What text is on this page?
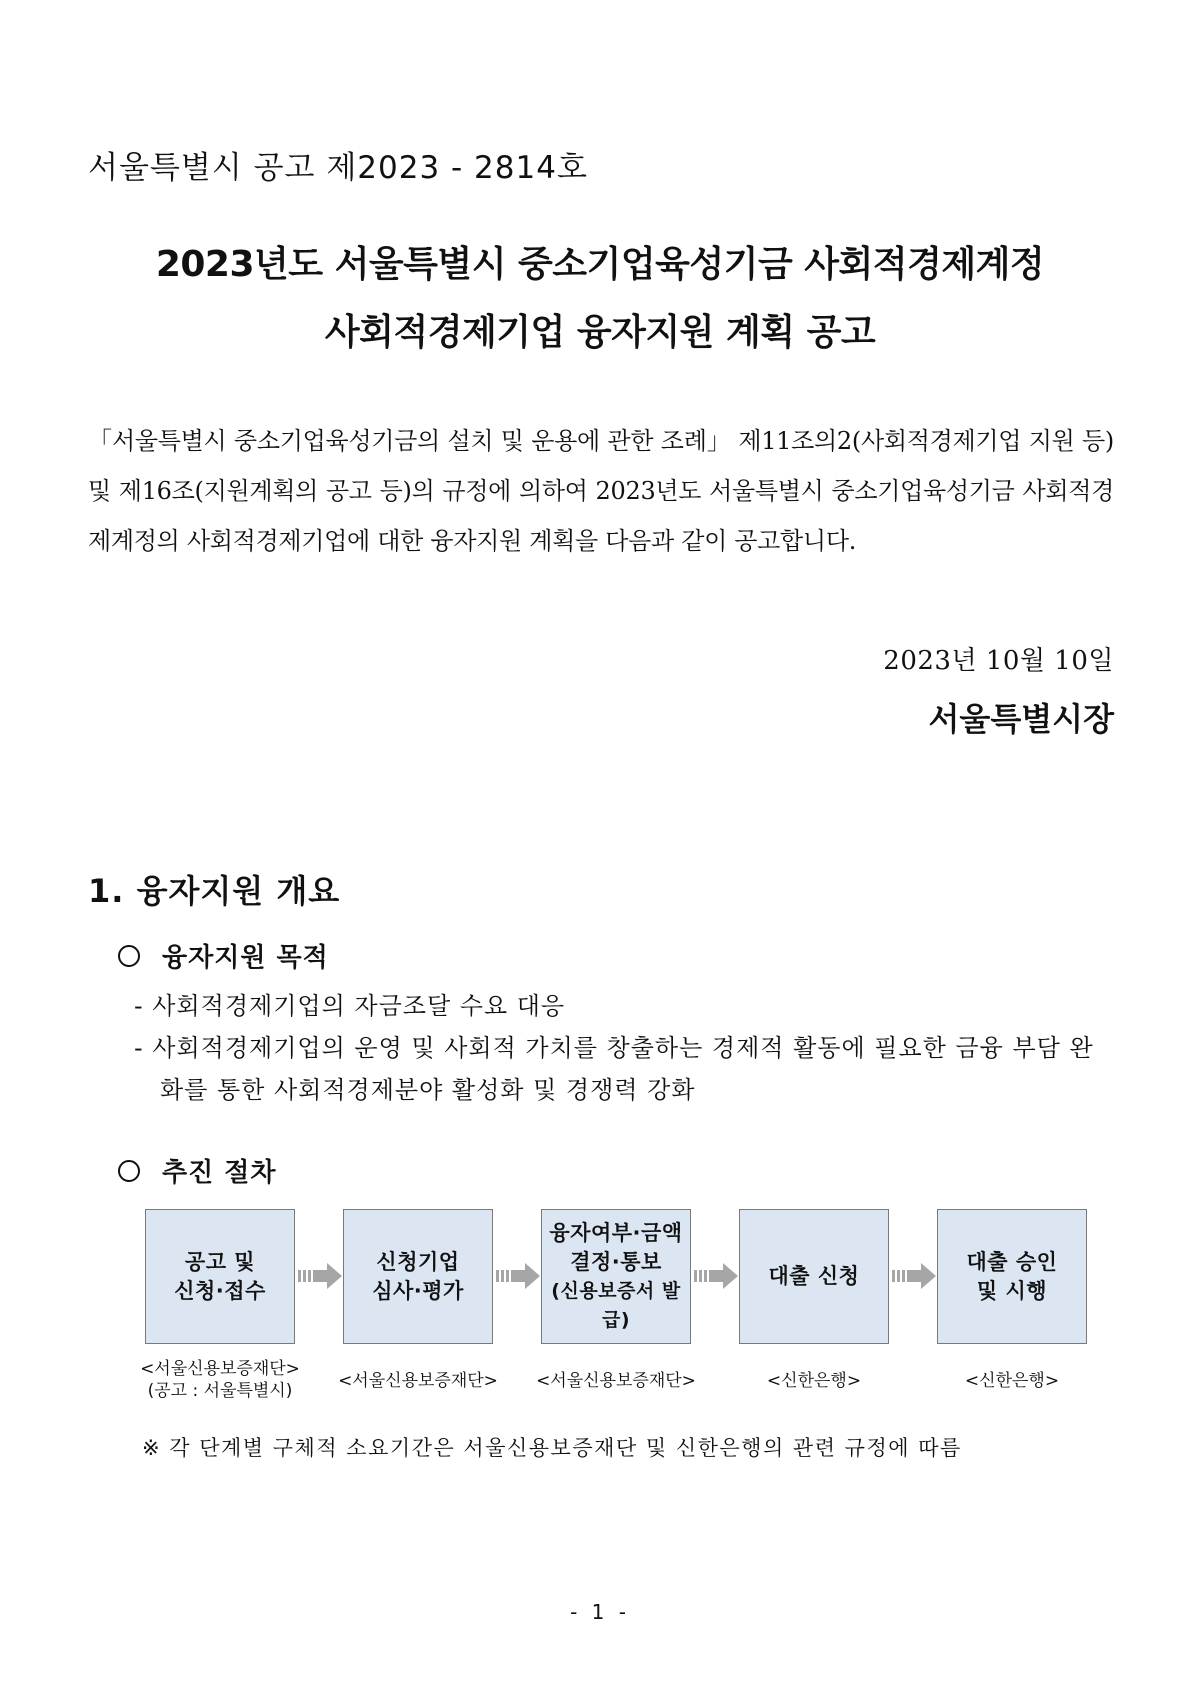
서울특별시 공고 제2023 - 2814호
2023년도 서울특별시 중소기업육성기금 사회적경제계정
사회적경제기업 융자지원 계획 공고
「서울특별시 중소기업육성기금의 설치 및 운용에 관한 조례」 제11조의2(사회적경제기업 지원 등) 및 제16조(지원계획의 공고 등)의 규정에 의하여 2023년도 서울특별시 중소기업육성기금 사회적경제계정의 사회적경제기업에 대한 융자지원 계획을 다음과 같이 공고합니다.
2023년 10월 10일
서울특별시장
1. 융자지원 개요
융자지원 목적
- 사회적경제기업의 자금조달 수요 대응
- 사회적경제기업의 운영 및 사회적 가치를 창출하는 경제적 활동에 필요한 금융 부담 완화를 통한 사회적경제분야 활성화 및 경쟁력 강화
추진 절차
공고 및
신청·접수
신청기업
심사·평가
융자여부·금액
결정·통보
(신용보증서 발급)
대출 신청
대출 승인
및 시행
<서울신용보증재단>
(공고 : 서울특별시)	<서울신용보증재단>	<서울신용보증재단>	<신한은행>	<신한은행>
※ 각 단계별 구체적 소요기간은 서울신용보증재단 및 신한은행의 관련 규정에 따름
- 1 -
